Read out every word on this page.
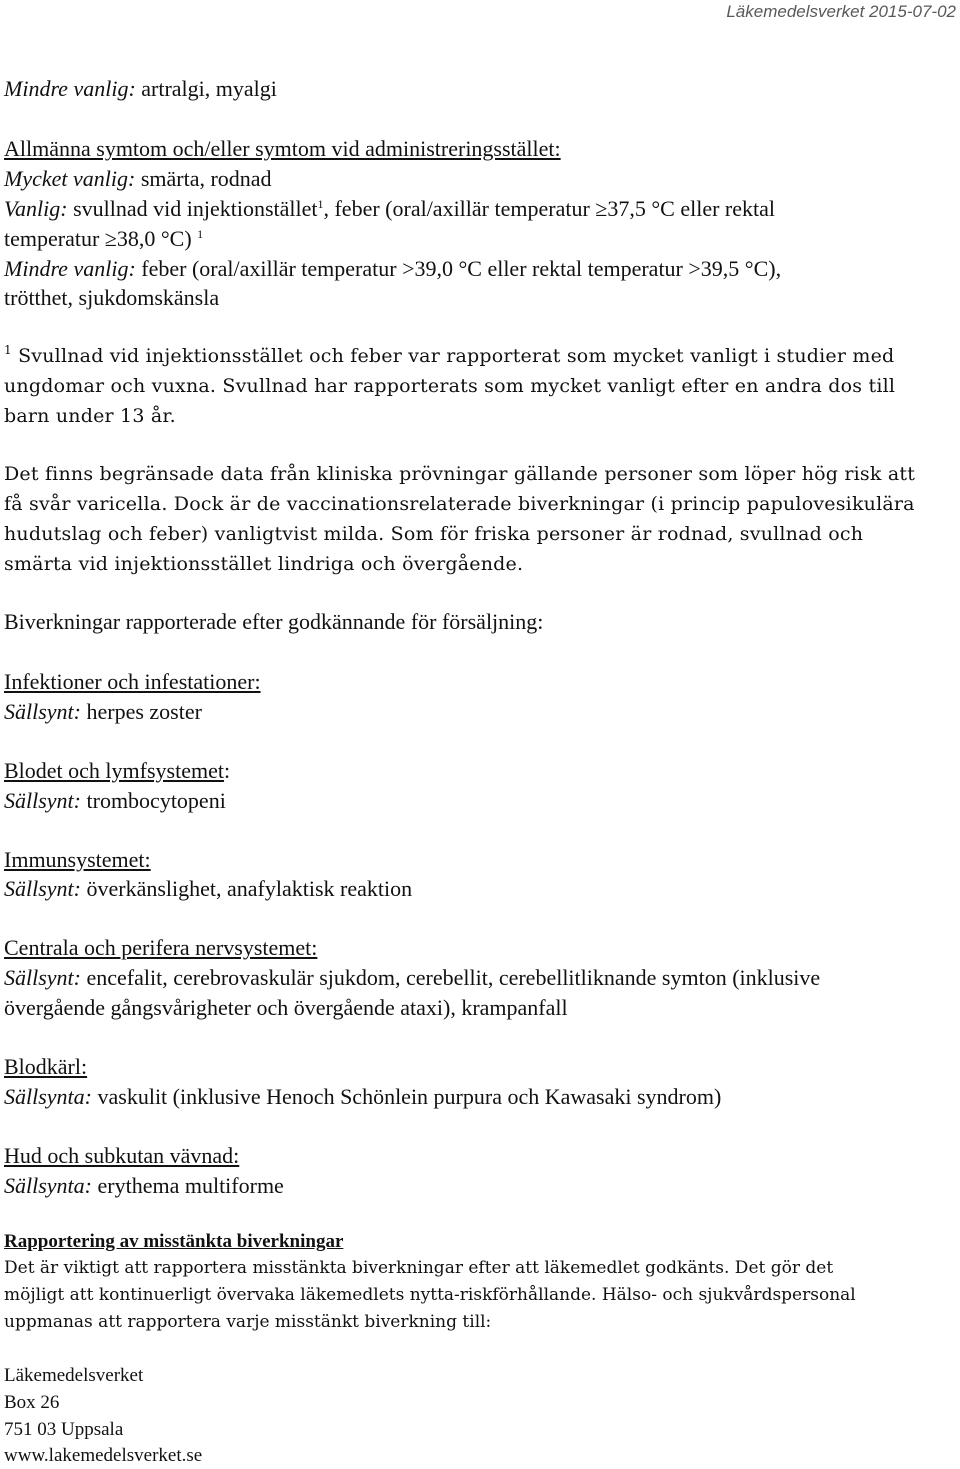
Läkemedelsverket 2015-07-02
Mindre vanlig: artralgi, myalgi
Allmänna symtom och/eller symtom vid administreringsstället:
Mycket vanlig: smärta, rodnad
Vanlig: svullnad vid injektionstället$^1$, feber (oral/axillär temperatur ≥37,5 °C eller rektal
temperatur ≥38,0 °C) $^1$
Mindre vanlig: feber (oral/axillär temperatur >39,0 °C eller rektal temperatur >39,5 °C),
trötthet, sjukdomskänsla
$^1$ Svullnad vid injektionsstället och feber var rapporterat som mycket vanligt i studier med
ungdomar och vuxna. Svullnad har rapporterats som mycket vanligt efter en andra dos till
barn under 13 år.
Det finns begränsade data från kliniska prövningar gällande personer som löper hög risk att
få svår varicella. Dock är de vaccinationsrelaterade biverkningar (i princip papulovesikulära
hudutslag och feber) vanligtvist milda. Som för friska personer är rodnad, svullnad och
smärta vid injektionsstället lindriga och övergående.
Biverkningar rapporterade efter godkännande för försäljning:
Infektioner och infestationer:
Sällsynt: herpes zoster
Blodet och lymfsystemet:
Sällsynt: trombocytopeni
Immunsystemet:
Sällsynt: överkänslighet, anafylaktisk reaktion
Centrala och perifera nervsystemet:
Sällsynt: encefalit, cerebrovaskulär sjukdom, cerebellit, cerebellitliknande symton (inklusive
övergående gångsvårigheter och övergående ataxi), krampanfall
Blodkärl:
Sällsynta: vaskulit (inklusive Henoch Schönlein purpura och Kawasaki syndrom)
Hud och subkutan vävnad:
Sällsynta: erythema multiforme
Rapportering av misstänkta biverkningar
Det är viktigt att rapportera misstänkta biverkningar efter att läkemedlet godkänts. Det gör det
möjligt att kontinuerligt övervaka läkemedlets nytta-riskförhållande. Hälso- och sjukvårdspersonal
uppmanas att rapportera varje misstänkt biverkning till:
Läkemedelsverket
Box 26
751 03 Uppsala
www.lakemedelsverket.se
